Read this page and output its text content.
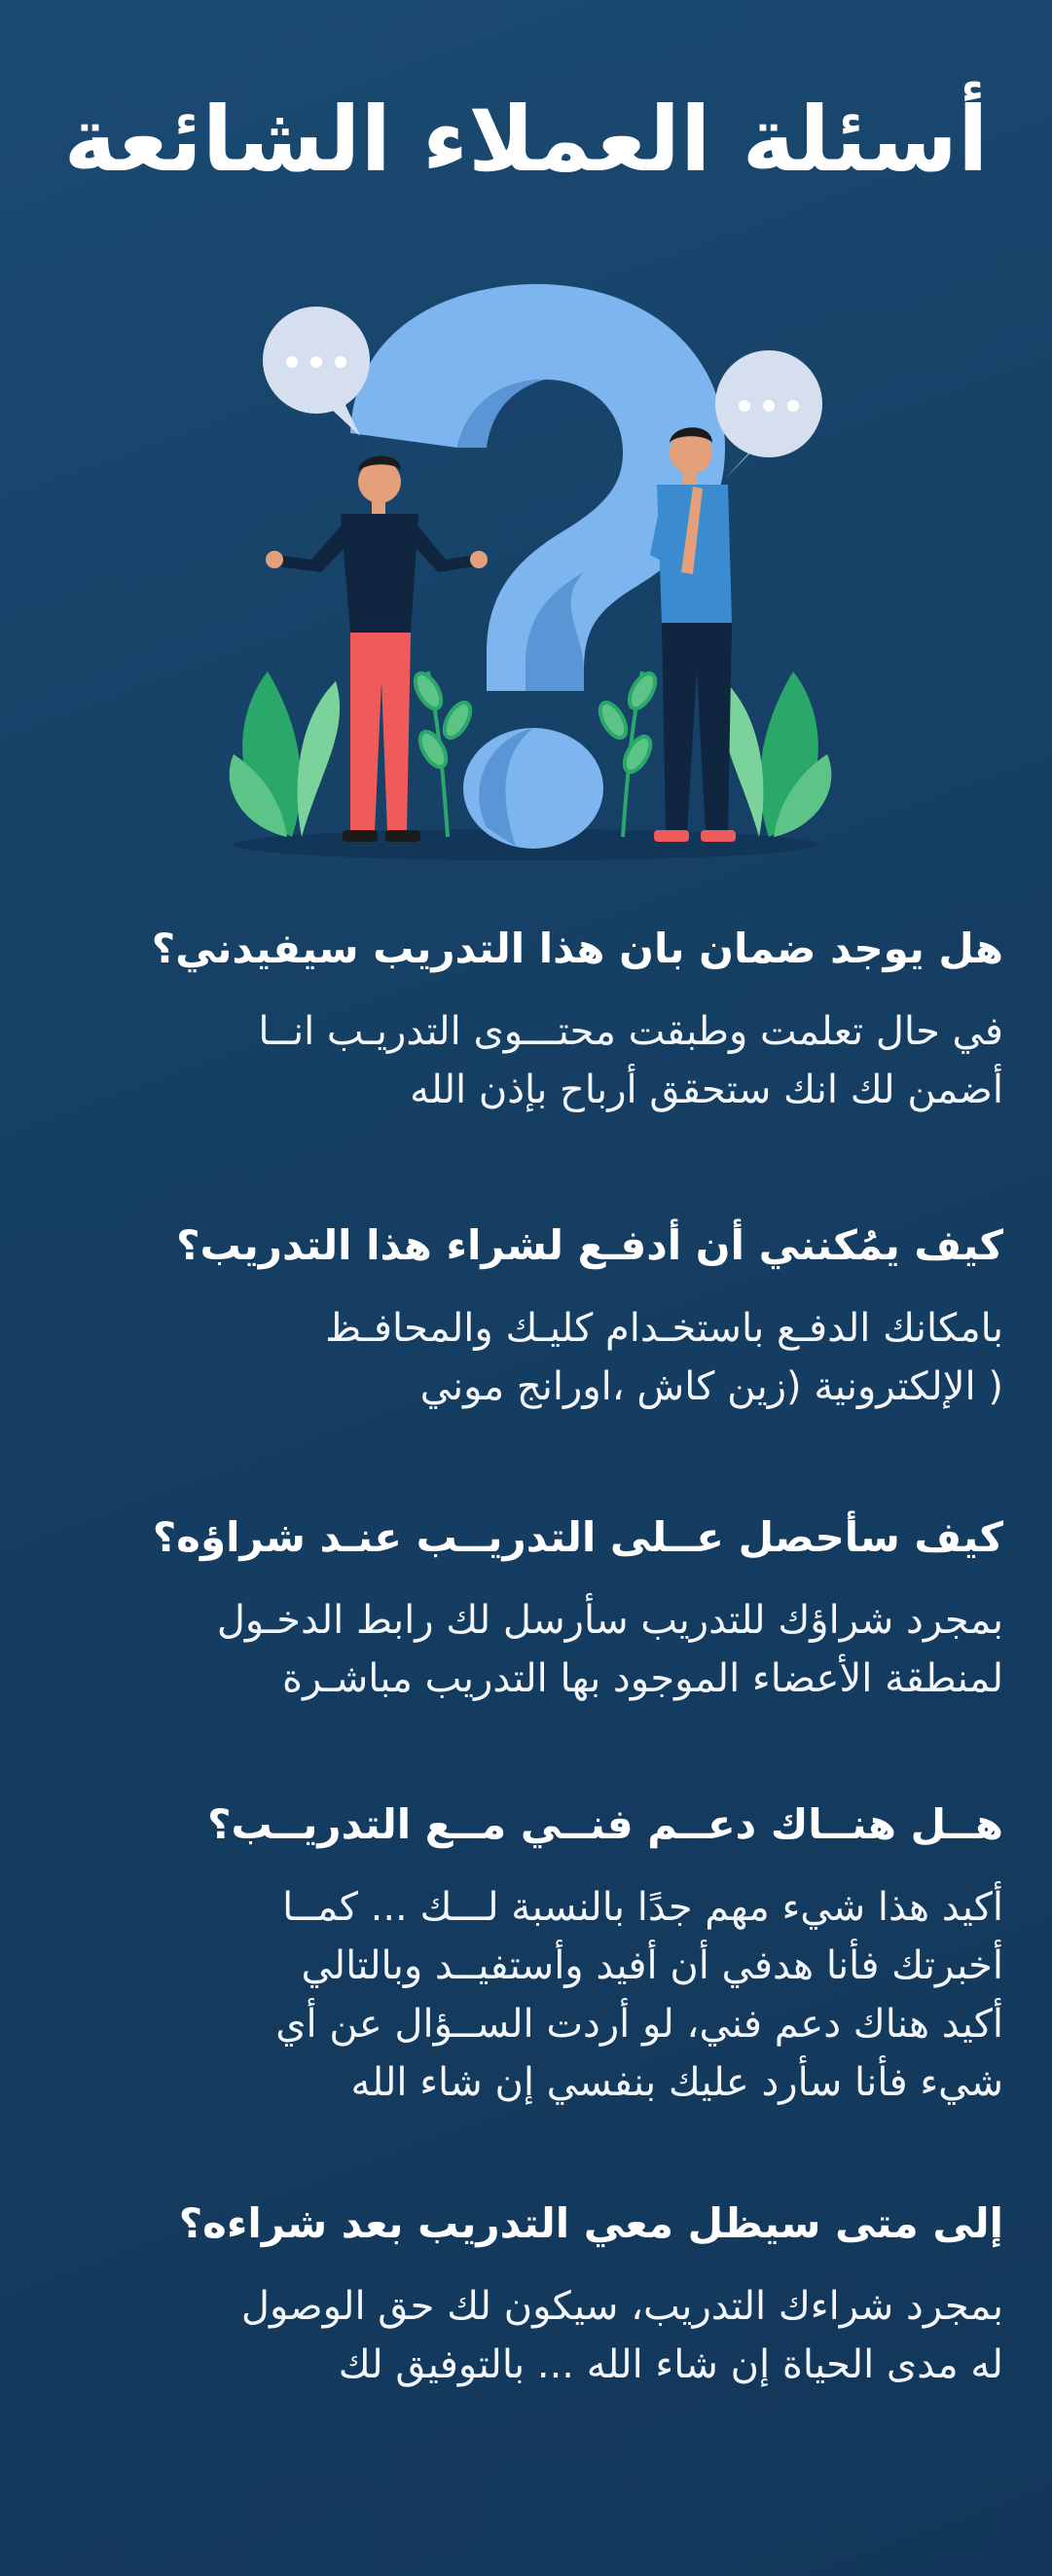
أسئلة العملاء الشائعة

هل يوجد ضمان بان هذا التدريب سيفيدني؟

في حال تعلمت وطبقت محتـــوى التدريـب انــا
أضمن لك انك ستحقق أرباح بإذن الله

كيف يمُكنني أن أدفـع لشراء هذا التدريب؟

بامكانك الدفـع باستخـدام كليـك والمحافـظ
( الإلكترونية (زين كاش ،اورانج موني

كيف سأحصل عــلى التدريــب عنـد شراؤه؟

بمجرد شراؤك للتدريب سأرسل لك رابط الدخـول
لمنطقة الأعضاء الموجود بها التدريب مباشـرة

هــل هنــاك دعــم فنــي مــع التدريــب؟

أكيد هذا شيء مهم جدًا بالنسبة لـــك ... كمــا
أخبرتك فأنا هدفي أن أفيد وأستفيــد وبالتالي
أكيد هناك دعم فني، لو أردت الســؤال عن أي
شيء فأنا سأرد عليك بنفسي إن شاء الله

إلى متى سيظل معي التدريب بعد شراءه؟

بمجرد شراءك التدريب، سيكون لك حق الوصول
له مدى الحياة إن شاء الله ... بالتوفيق لك
